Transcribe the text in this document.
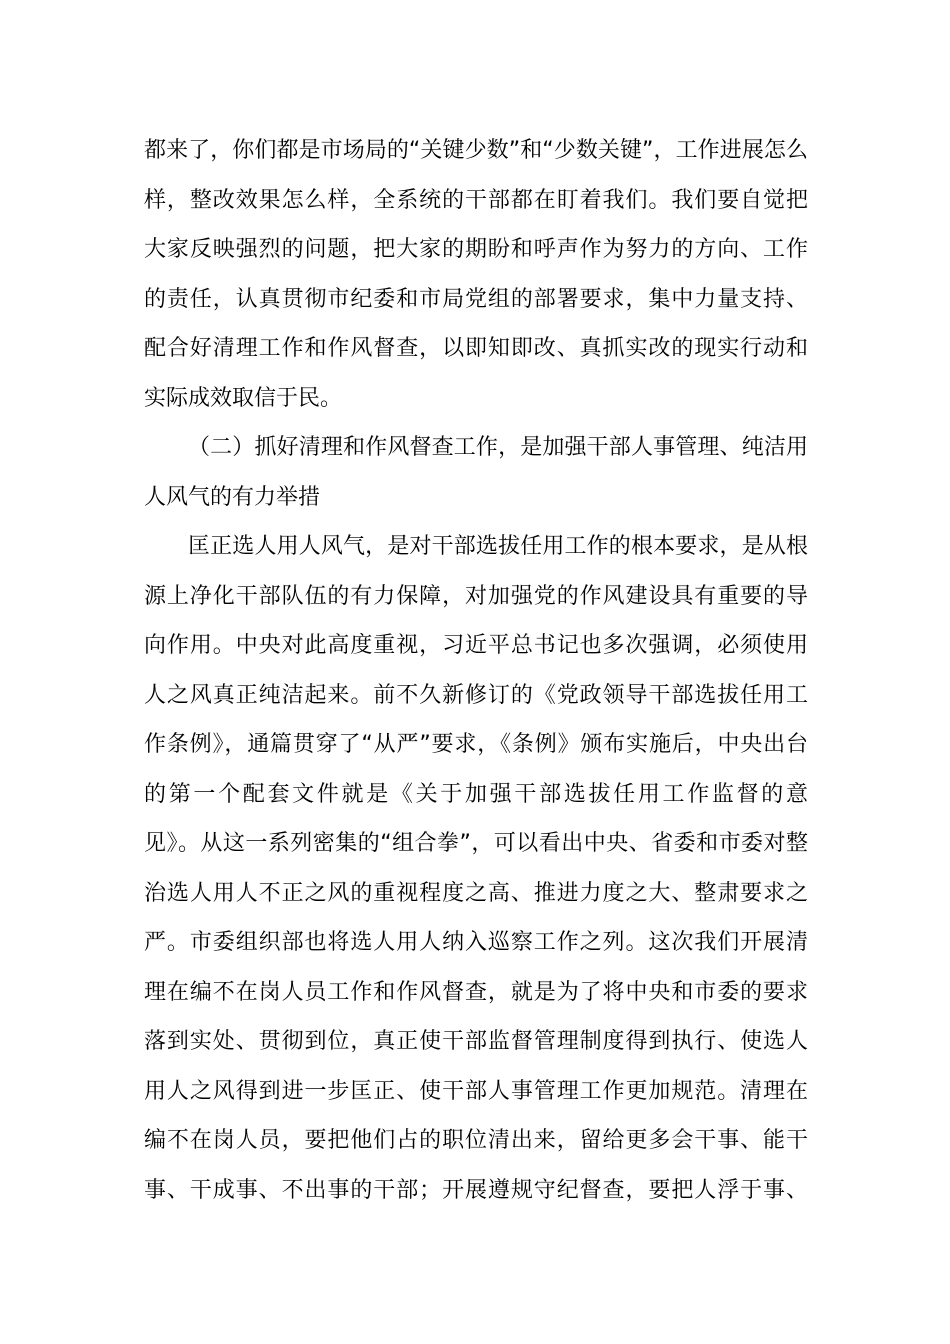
都来了，你们都是市场局的“关键少数”和“少数关键”，工作进展怎么
样，整改效果怎么样，全系统的干部都在盯着我们。我们要自觉把
大家反映强烈的问题，把大家的期盼和呼声作为努力的方向、工作
的责任，认真贯彻市纪委和市局党组的部署要求，集中力量支持、
配合好清理工作和作风督查，以即知即改、真抓实改的现实行动和
实际成效取信于民。
（二）抓好清理和作风督查工作，是加强干部人事管理、纯洁用
人风气的有力举措
匡正选人用人风气，是对干部选拔任用工作的根本要求，是从根
源上净化干部队伍的有力保障，对加强党的作风建设具有重要的导
向作用。中央对此高度重视，习近平总书记也多次强调，必须使用
人之风真正纯洁起来。前不久新修订的《党政领导干部选拔任用工
作条例》，通篇贯穿了“从严”要求，《条例》颁布实施后，中央出台
的第一个配套文件就是《关于加强干部选拔任用工作监督的意
见》。从这一系列密集的“组合拳”，可以看出中央、省委和市委对整
治选人用人不正之风的重视程度之高、推进力度之大、整肃要求之
严。市委组织部也将选人用人纳入巡察工作之列。这次我们开展清
理在编不在岗人员工作和作风督查，就是为了将中央和市委的要求
落到实处、贯彻到位，真正使干部监督管理制度得到执行、使选人
用人之风得到进一步匡正、使干部人事管理工作更加规范。清理在
编不在岗人员，要把他们占的职位清出来，留给更多会干事、能干
事、干成事、不出事的干部；开展遵规守纪督查，要把人浮于事、
